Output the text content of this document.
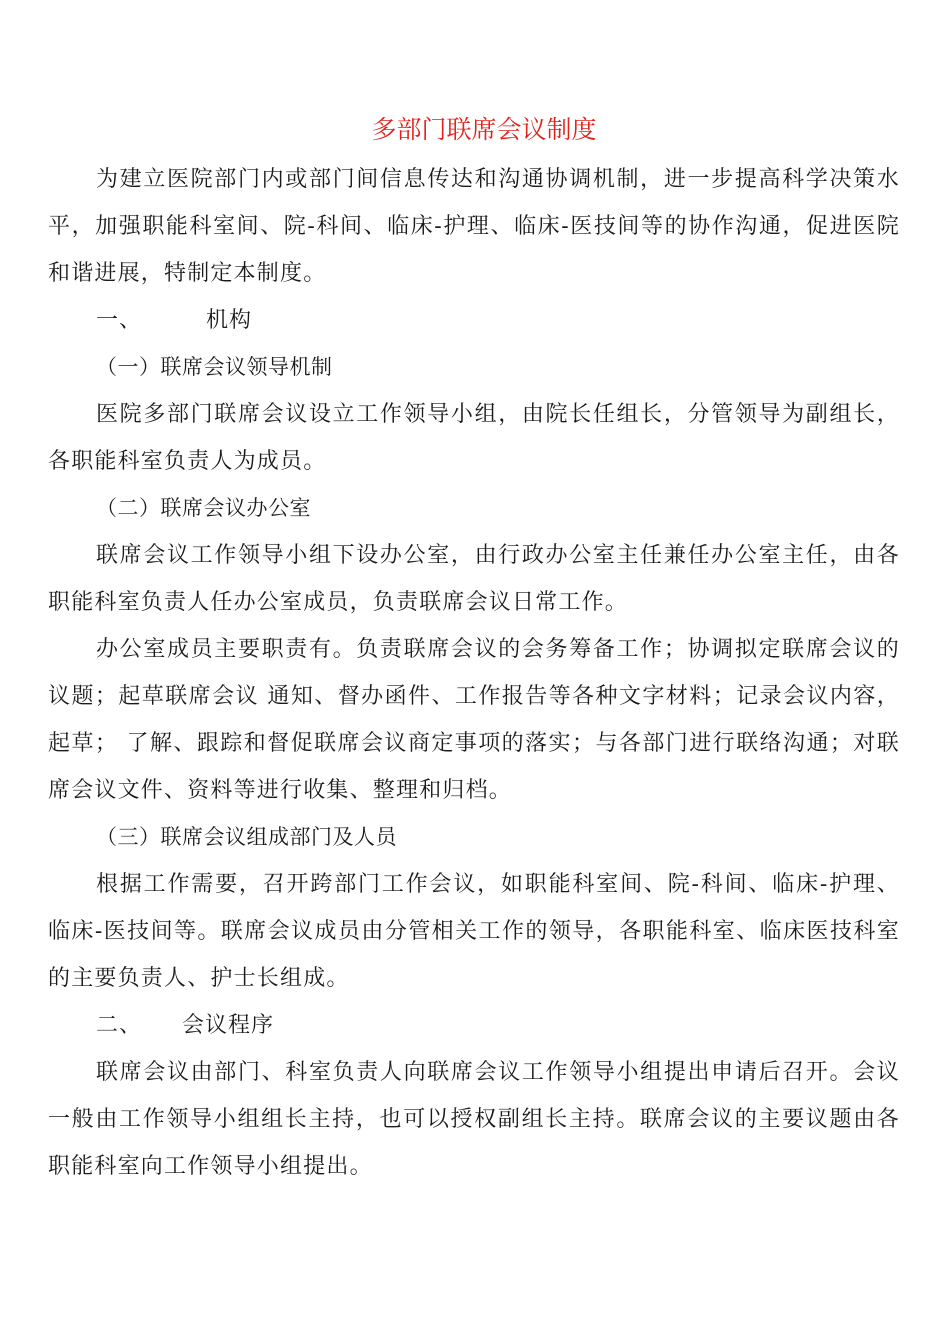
多部门联席会议制度

为建立医院部门内或部门间信息传达和沟通协调机制，进一步提高科学决策水平，加强职能科室间、院-科间、临床-护理、临床-医技间等的协作沟通，促进医院和谐进展，特制定本制度。

一、        机构

（一）联席会议领导机制

医院多部门联席会议设立工作领导小组，由院长任组长，分管领导为副组长，各职能科室负责人为成员。

（二）联席会议办公室

联席会议工作领导小组下设办公室，由行政办公室主任兼任办公室主任，由各职能科室负责人任办公室成员，负责联席会议日常工作。

办公室成员主要职责有。负责联席会议的会务筹备工作；协调拟定联席会议的议题；起草联席会议 通知、督办函件、工作报告等各种文字材料；记录会议内容，起草； 了解、跟踪和督促联席会议商定事项的落实；与各部门进行联络沟通；对联席会议文件、资料等进行收集、整理和归档。

（三）联席会议组成部门及人员

根据工作需要，召开跨部门工作会议，如职能科室间、院-科间、临床-护理、临床-医技间等。联席会议成员由分管相关工作的领导，各职能科室、临床医技科室的主要负责人、护士长组成。

二、     会议程序

联席会议由部门、科室负责人向联席会议工作领导小组提出申请后召开。会议一般由工作领导小组组长主持，也可以授权副组长主持。联席会议的主要议题由各职能科室向工作领导小组提出。
